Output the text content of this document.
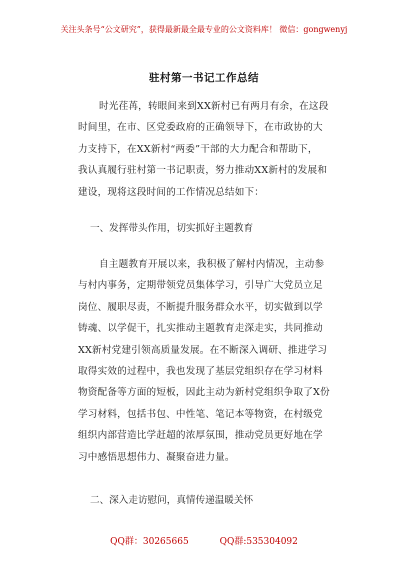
关注头条号“公文研究”，获得最新最全最专业的公文资料库！ 微信：gongwenyj
驻村第一书记工作总结
时光荏苒，转眼间来到XX新村已有两月有余，在这段
时间里，在市、区党委政府的正确领导下，在市政协的大
力支持下，在XX新村“两委”干部的大力配合和帮助下，
我认真履行驻村第一书记职责，努力推动XX新村的发展和
建设，现将这段时间的工作情况总结如下：
一、发挥带头作用，切实抓好主题教育
自主题教育开展以来，我积极了解村内情况，主动参
与村内事务，定期带领党员集体学习，引导广大党员立足
岗位、履职尽责，不断提升服务群众水平，切实做到以学
铸魂、以学促干，扎实推动主题教育走深走实，共同推动
XX新村党建引领高质量发展。在不断深入调研、推进学习
取得实效的过程中，我也发现了基层党组织存在学习材料
物资配备等方面的短板，因此主动为新村党组织争取了X份
学习材料，包括书包、中性笔、笔记本等物资，在村级党
组织内部营造比学赶超的浓厚氛围，推动党员更好地在学
习中感悟思想伟力、凝聚奋进力量。
二、深入走访慰问，真情传递温暖关怀
QQ群：30265665	QQ群:535304092
